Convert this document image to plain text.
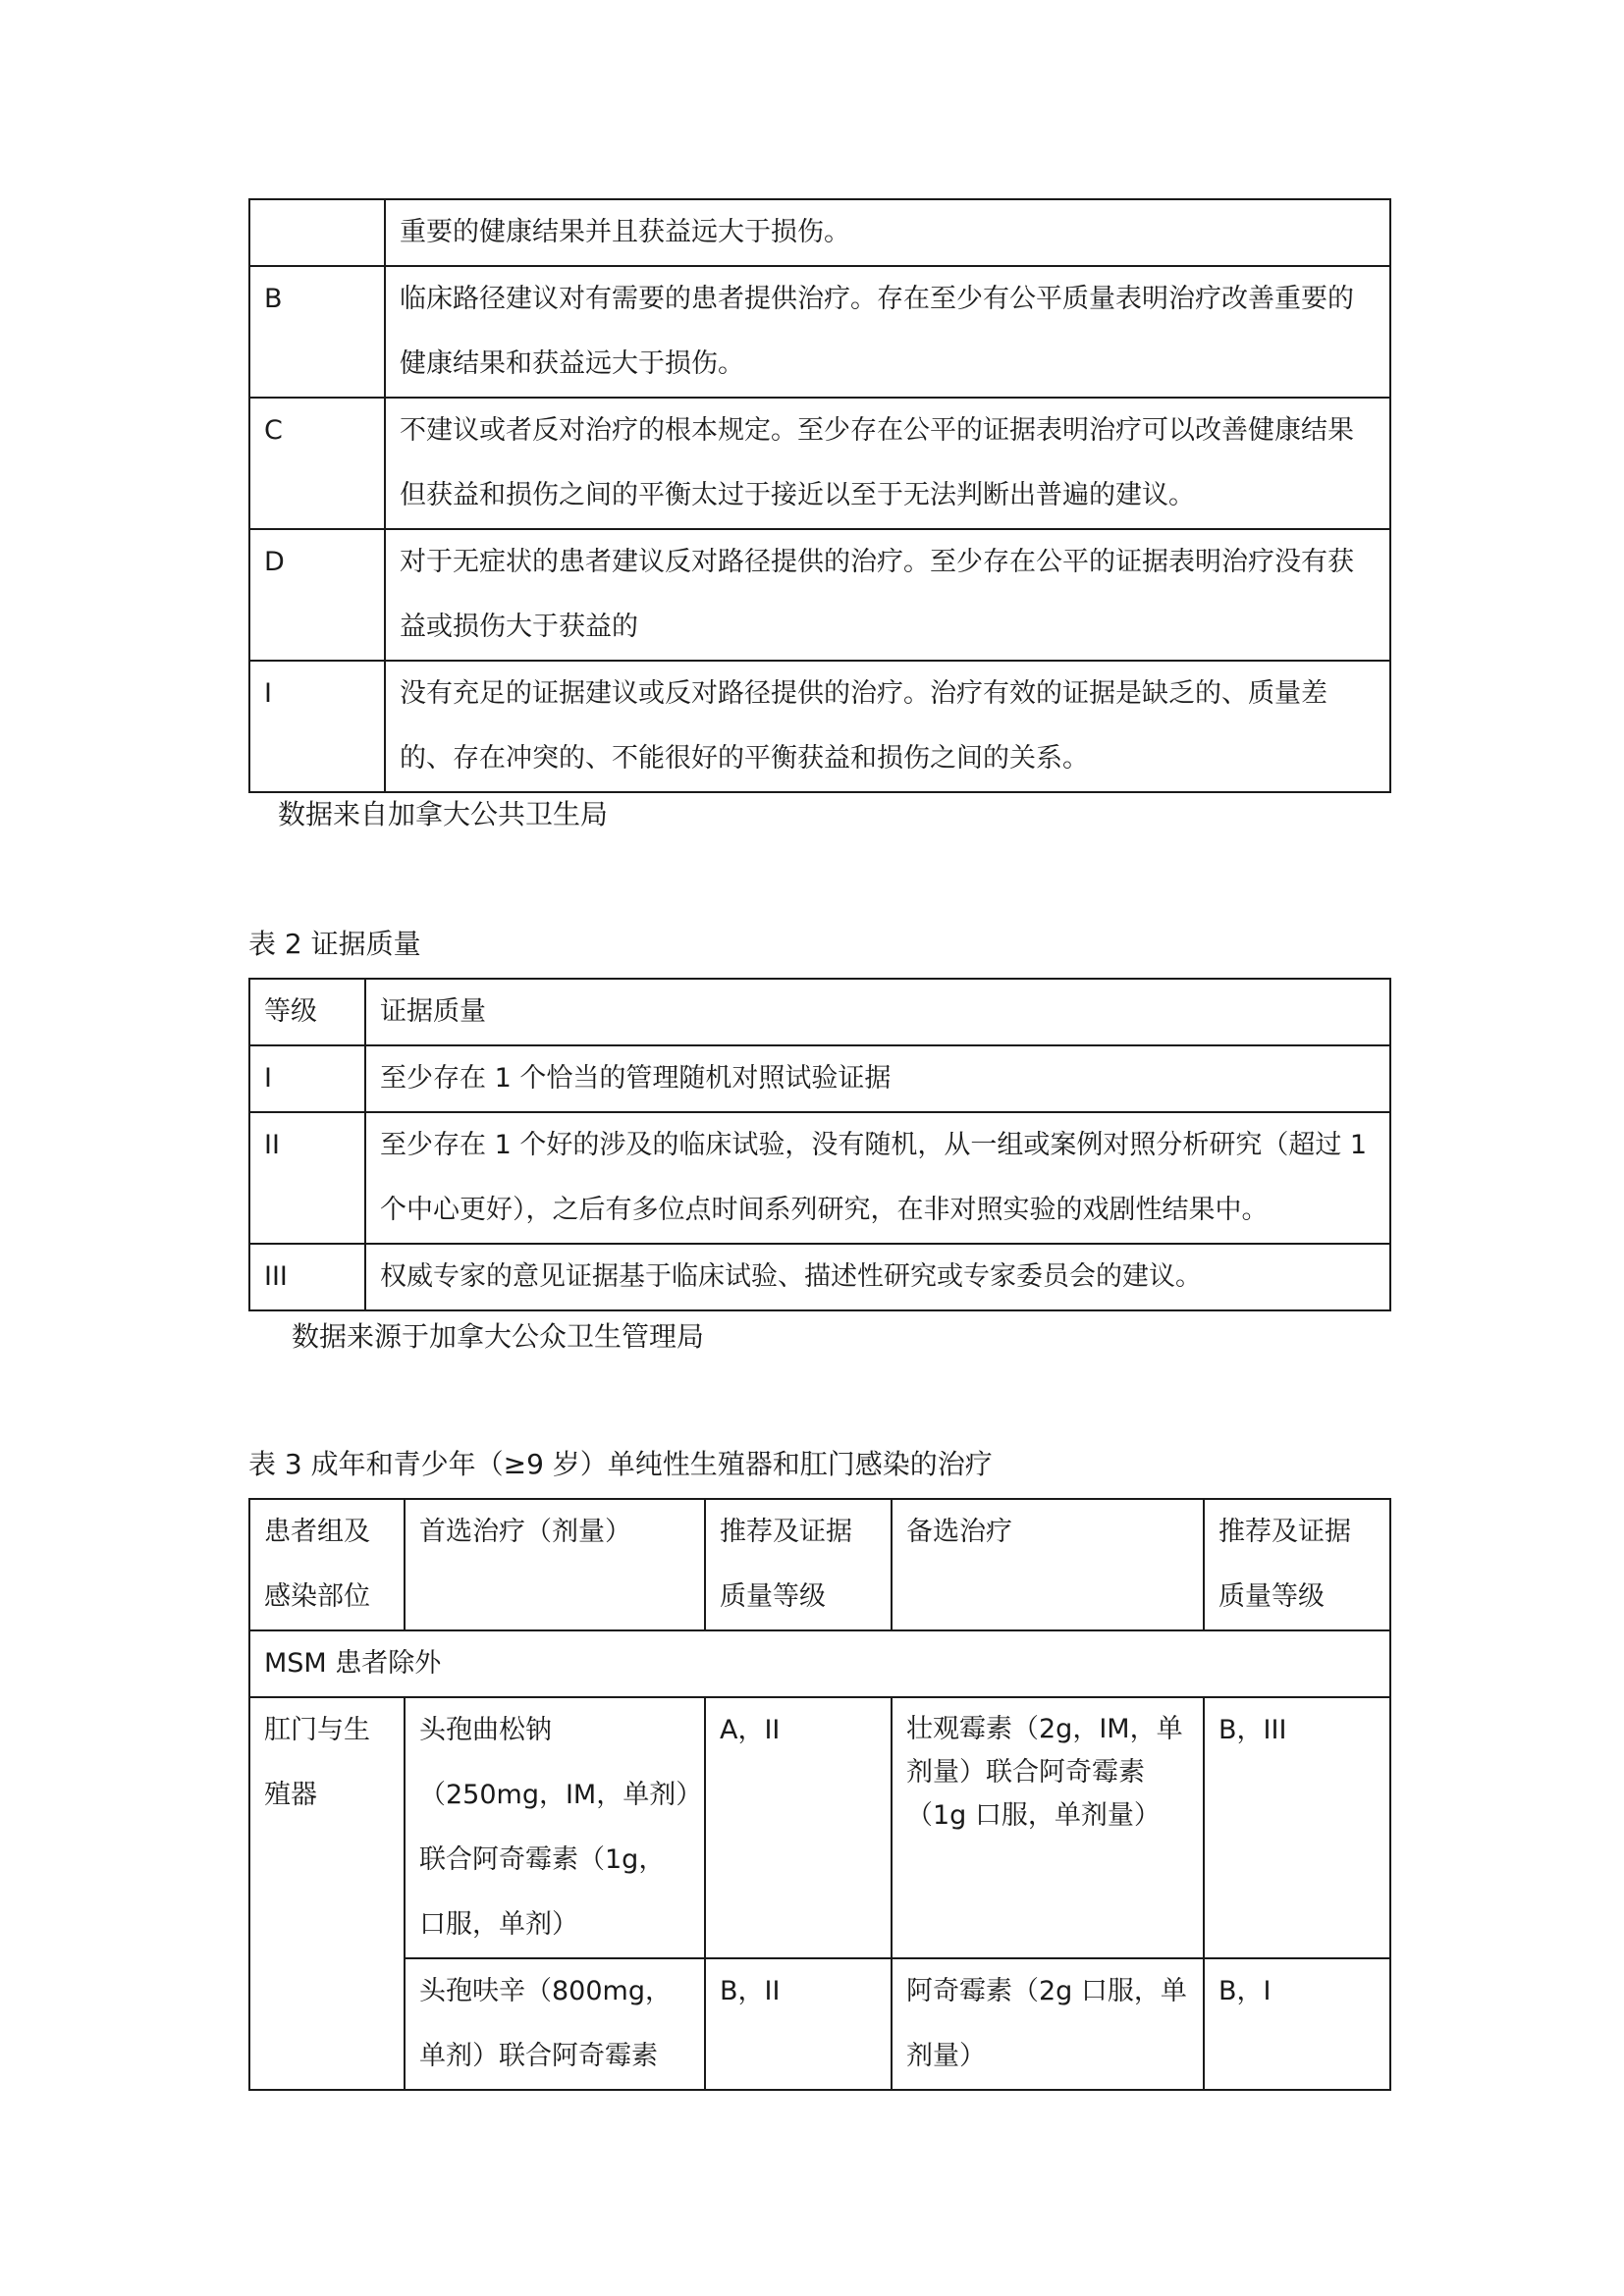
	重要的健康结果并且获益远大于损伤。
B	临床路径建议对有需要的患者提供治疗。存在至少有公平质量表明治疗改善重要的健康结果和获益远大于损伤。
C	不建议或者反对治疗的根本规定。至少存在公平的证据表明治疗可以改善健康结果但获益和损伤之间的平衡太过于接近以至于无法判断出普遍的建议。
D	对于无症状的患者建议反对路径提供的治疗。至少存在公平的证据表明治疗没有获益或损伤大于获益的
I	没有充足的证据建议或反对路径提供的治疗。治疗有效的证据是缺乏的、质量差的、存在冲突的、不能很好的平衡获益和损伤之间的关系。
数据来自加拿大公共卫生局
表 2 证据质量
等级	证据质量
I	至少存在 1 个恰当的管理随机对照试验证据
II	至少存在 1 个好的涉及的临床试验，没有随机，从一组或案例对照分析研究（超过 1 个中心更好），之后有多位点时间系列研究，在非对照实验的戏剧性结果中。
III	权威专家的意见证据基于临床试验、描述性研究或专家委员会的建议。
数据来源于加拿大公众卫生管理局
表 3 成年和青少年（≥9 岁）单纯性生殖器和肛门感染的治疗
患者组及感染部位	首选治疗（剂量）	推荐及证据质量等级	备选治疗	推荐及证据质量等级
MSM 患者除外				
肛门与生殖器	头孢曲松钠（250mg，IM，单剂）联合阿奇霉素（1g，口服，单剂）	A，II	壮观霉素（2g，IM，单剂量）联合阿奇霉素（1g 口服，单剂量）	B，III
	头孢呋辛（800mg，单剂）联合阿奇霉素	B，II	阿奇霉素（2g 口服，单剂量）	B，I
